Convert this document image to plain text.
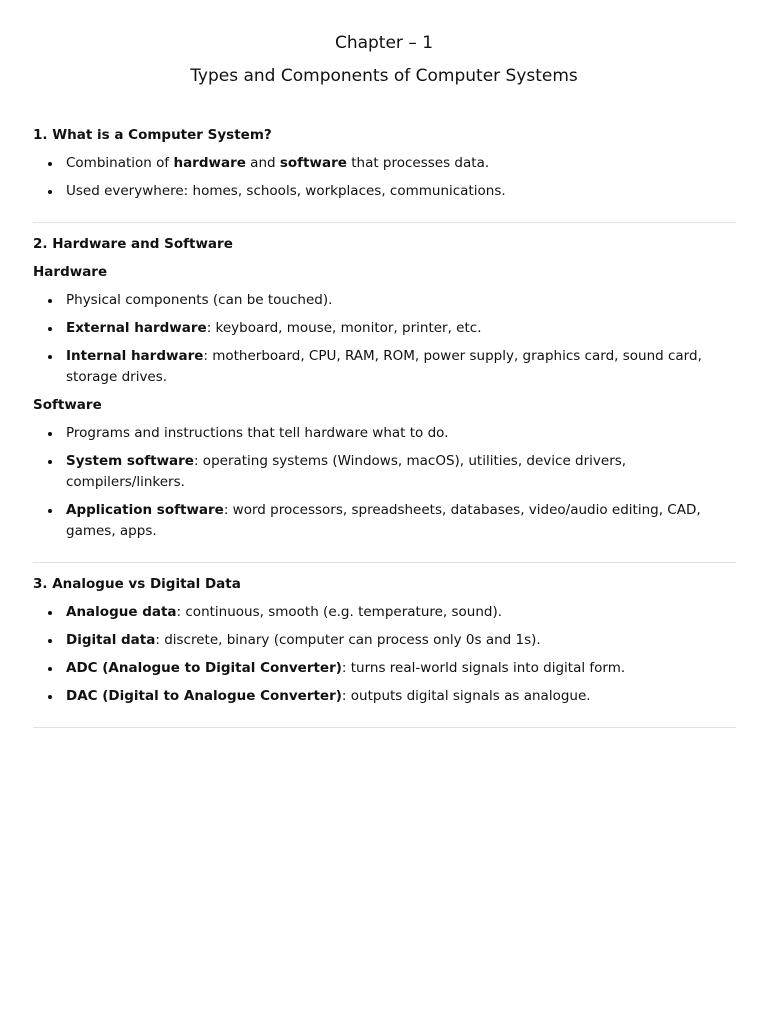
Chapter – 1
Types and Components of Computer Systems
1. What is a Computer System?
Combination of hardware and software that processes data.
Used everywhere: homes, schools, workplaces, communications.
2. Hardware and Software
Hardware
Physical components (can be touched).
External hardware: keyboard, mouse, monitor, printer, etc.
Internal hardware: motherboard, CPU, RAM, ROM, power supply, graphics card, sound card, storage drives.
Software
Programs and instructions that tell hardware what to do.
System software: operating systems (Windows, macOS), utilities, device drivers, compilers/linkers.
Application software: word processors, spreadsheets, databases, video/audio editing, CAD, games, apps.
3. Analogue vs Digital Data
Analogue data: continuous, smooth (e.g. temperature, sound).
Digital data: discrete, binary (computer can process only 0s and 1s).
ADC (Analogue to Digital Converter): turns real-world signals into digital form.
DAC (Digital to Analogue Converter): outputs digital signals as analogue.
